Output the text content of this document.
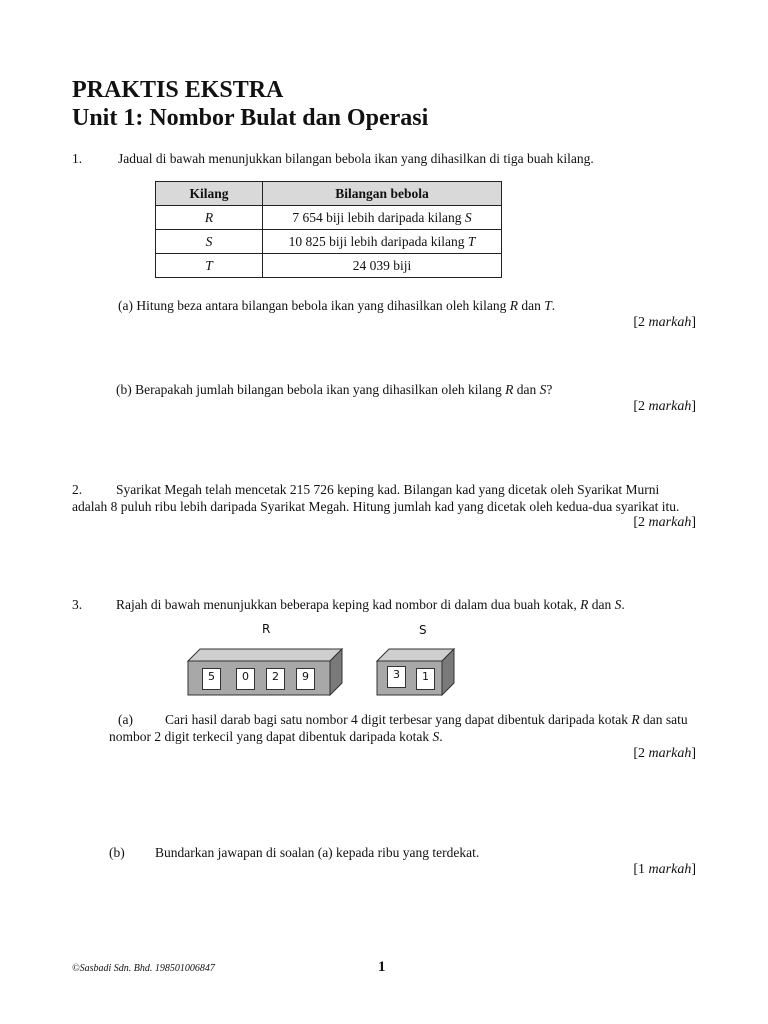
PRAKTIS EKSTRA
Unit 1: Nombor Bulat dan Operasi
1.	Jadual di bawah menunjukkan bilangan bebola ikan yang dihasilkan di tiga buah kilang.
Kilang	Bilangan bebola
R	7 654 biji lebih daripada kilang S
S	10 825 biji lebih daripada kilang T
T	24 039 biji
(a) Hitung beza antara bilangan bebola ikan yang dihasilkan oleh kilang R dan T.
[2 markah]
(b) Berapakah jumlah bilangan bebola ikan yang dihasilkan oleh kilang R dan S?
[2 markah]
2.	Syarikat Megah telah mencetak 215 726 keping kad. Bilangan kad yang dicetak oleh Syarikat Murni
adalah 8 puluh ribu lebih daripada Syarikat Megah. Hitung jumlah kad yang dicetak oleh kedua-dua syarikat itu.
[2 markah]
3.	Rajah di bawah menunjukkan beberapa keping kad nombor di dalam dua buah kotak, R dan S.
R	S
5	0	2	9	3	1
(a) Cari hasil darab bagi satu nombor 4 digit terbesar yang dapat dibentuk daripada kotak R dan satu
nombor 2 digit terkecil yang dapat dibentuk daripada kotak S.
[2 markah]
(b) Bundarkan jawapan di soalan (a) kepada ribu yang terdekat.
[1 markah]
©Sasbadi Sdn. Bhd. 198501006847	1
